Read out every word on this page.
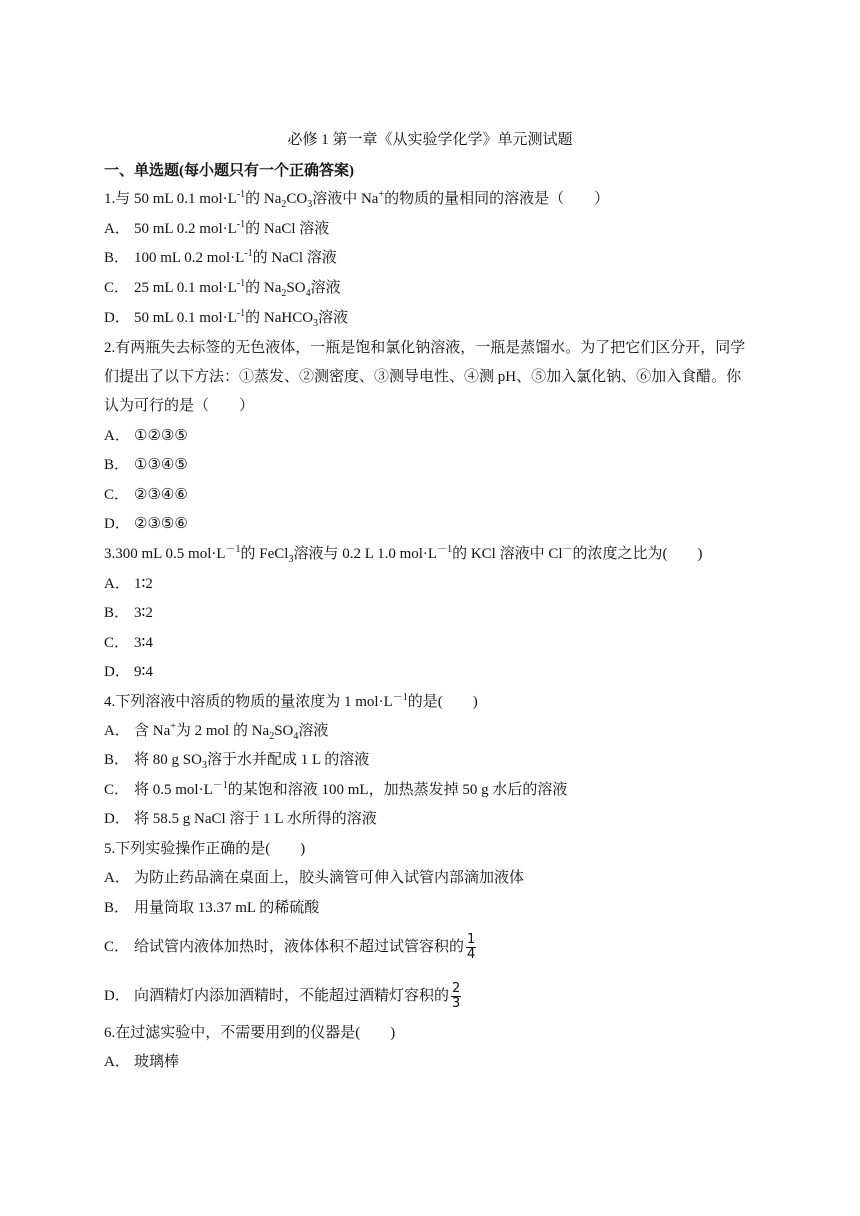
必修 1 第一章《从实验学化学》单元测试题
一、单选题(每小题只有一个正确答案)
1.与 50 mL 0.1 $mol\cdot L^{-1}$的 $Na_2CO_3$溶液中 Na+的物质的量相同的溶液是（　　）
A． 50 mL 0.2 $mol\cdot L^{-1}$的 NaCl 溶液
B． 100 mL 0.2 $mol\cdot L^{-1}$的 NaCl 溶液
C． 25 mL 0.1 $mol\cdot L^{-1}$的 $Na_2SO_4$溶液
D． 50 mL 0.1 $mol\cdot L^{-1}$的 NaHCO$_3$溶液
2.有两瓶失去标签的无色液体，一瓶是饱和氯化钠溶液，一瓶是蒸馏水。为了把它们区分开，同学
们提出了以下方法：①蒸发、②测密度、③测导电性、④测 pH、⑤加入氯化钠、⑥加入食醋。你
认为可行的是（　　）
A． ①②③⑤
B． ①③④⑤
C． ②③④⑥
D． ②③⑤⑥
3.300 mL 0.5 $mol\cdot L^{-1}$的 FeCl$_3$溶液与 0.2 L 1.0 $mol\cdot L^{-1}$的 KCl 溶液中 Cl－的浓度之比为(　　)
A． 1∶2
B． 3∶2
C． 3∶4
D． 9∶4
4.下列溶液中溶质的物质的量浓度为 1 $mol\cdot L^{-1}$的是(　　)
A． 含 Na+为 2 mol 的 $Na_2SO_4$溶液
B． 将 80 g $SO_3$溶于水并配成 1 L 的溶液
C． 将 0.5 $mol\cdot L^{-1}$的某饱和溶液 100 mL，加热蒸发掉 50 g 水后的溶液
D． 将 58.5 g NaCl 溶于 1 L 水所得的溶液
5.下列实验操作正确的是(　　)
A． 为防止药品滴在桌面上，胶头滴管可伸入试管内部滴加液体
B． 用量筒取 13.37 mL 的稀硫酸
C． 给试管内液体加热时，液体体积不超过试管容积的 $\frac{1}{4}$
D． 向酒精灯内添加酒精时，不能超过酒精灯容积的 $\frac{2}{3}$
6.在过滤实验中，不需要用到的仪器是(　　)
A． 玻璃棒
